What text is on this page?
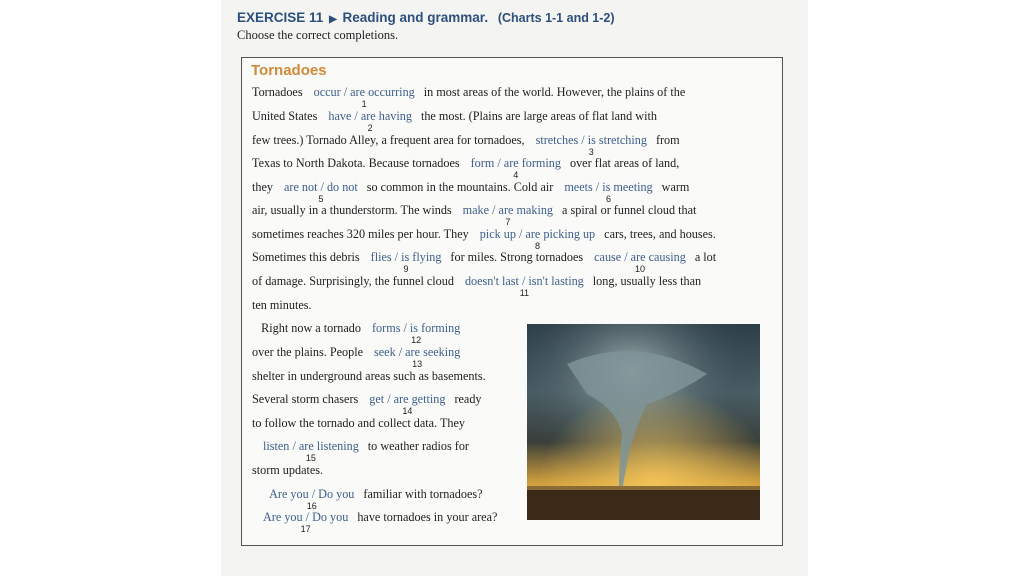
EXERCISE 11 ▶ Reading and grammar. (Charts 1-1 and 1-2)
Choose the correct completions.
Tornadoes
Tornadoes occur / are occurring
1
in most areas of the world. However, the plains of the
United States have / are having
2
the most. (Plains are large areas of flat land with
few trees.) Tornado Alley, a frequent area for tornadoes, stretches / is stretching
3
from
Texas to North Dakota. Because tornadoes form / are forming
4
over flat areas of land,
they are not / do not
5
so common in the mountains. Cold air meets / is meeting
6
warm
air, usually in a thunderstorm. The winds make / are making
7
a spiral or funnel cloud that
sometimes reaches 320 miles per hour. They pick up / are picking up
8
cars, trees, and houses.
Sometimes this debris flies / is flying
9
for miles. Strong tornadoes cause / are causing
10
a lot
of damage. Surprisingly, the funnel cloud doesn't last / isn't lasting
11
long, usually less than
ten minutes.
Right now a tornado forms / is forming
12
over the plains. People seek / are seeking
13
shelter in underground areas such as basements.
Several storm chasers get / are getting
14
ready
to follow the tornado and collect data. They
listen / are listening
15
to weather radios for
storm updates.
Are you / Do you
16
familiar with tornadoes?
Are you / Do you
17
have tornadoes in your area?
